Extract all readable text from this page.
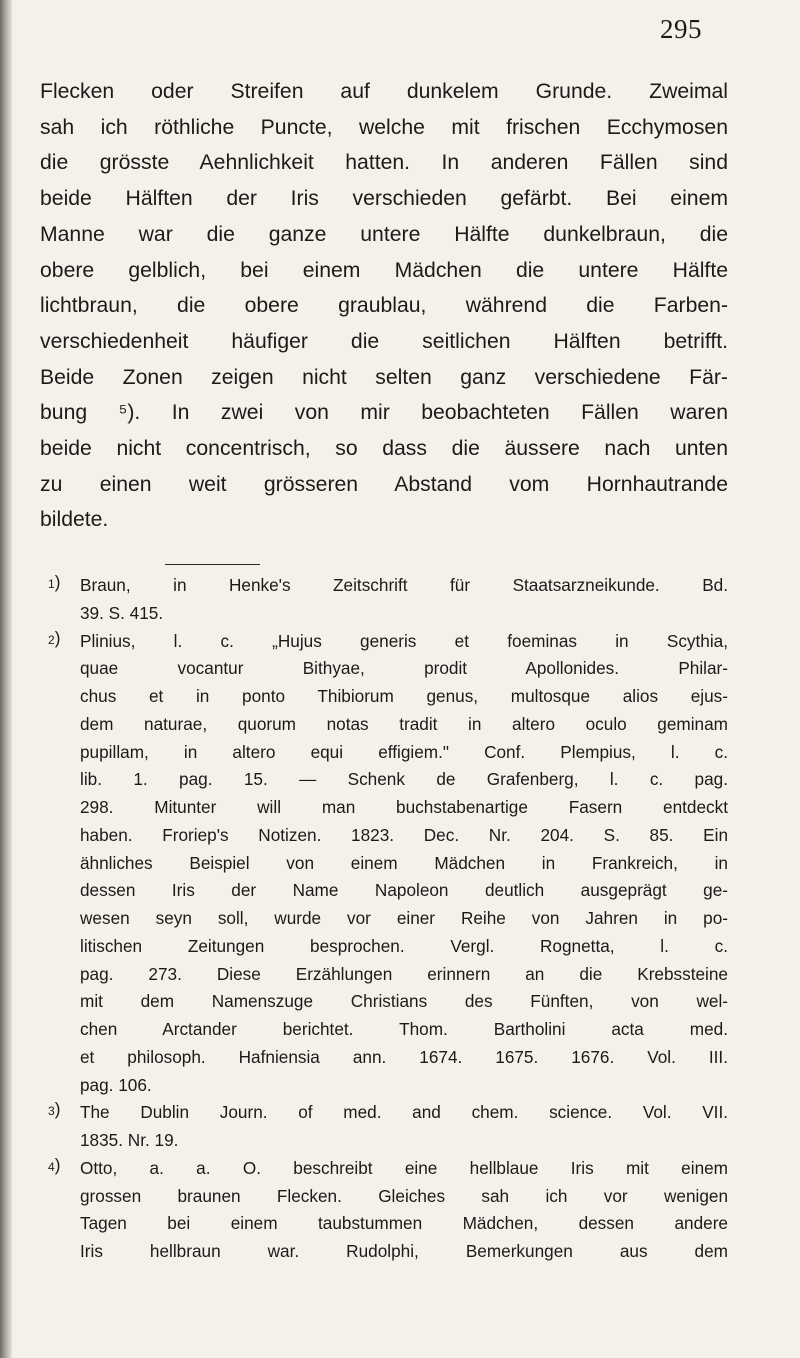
295
Flecken oder Streifen auf dunkelem Grunde. Zweimal
sah ich röthliche Puncte, welche mit frischen Ecchymosen
die grösste Aehnlichkeit hatten. In anderen Fällen sind
beide Hälften der Iris verschieden gefärbt. Bei einem
Manne war die ganze untere Hälfte dunkelbraun, die
obere gelblich, bei einem Mädchen die untere Hälfte
lichtbraun, die obere graublau, während die Farben-
verschiedenheit häufiger die seitlichen Hälften betrifft.
Beide Zonen zeigen nicht selten ganz verschiedene Fär-
bung ⁵). In zwei von mir beobachteten Fällen waren
beide nicht concentrisch, so dass die äussere nach unten
zu einen weit grösseren Abstand vom Hornhautrande
bildete.
1 )	Braun, in Henke's Zeitschrift für Staatsarzneikunde. Bd.
39. S. 415.
2 )	Plinius, l. c. „Hujus generis et foeminas in Scythia,
quae vocantur Bithyae, prodit Apollonides. Philar-
chus et in ponto Thibiorum genus, multosque alios ejus-
dem naturae, quorum notas tradit in altero oculo geminam
pupillam, in altero equi effigiem." Conf. Plempius, l. c.
lib. 1. pag. 15. — Schenk de Grafenberg, l. c. pag.
298. Mitunter will man buchstabenartige Fasern entdeckt
haben. Froriep's Notizen. 1823. Dec. Nr. 204. S. 85. Ein
ähnliches Beispiel von einem Mädchen in Frankreich, in
dessen Iris der Name Napoleon deutlich ausgeprägt ge-
wesen seyn soll, wurde vor einer Reihe von Jahren in po-
litischen Zeitungen besprochen. Vergl. Rognetta, l. c.
pag. 273. Diese Erzählungen erinnern an die Krebssteine
mit dem Namenszuge Christians des Fünften, von wel-
chen Arctander berichtet. Thom. Bartholini acta med.
et philosoph. Hafniensia ann. 1674. 1675. 1676. Vol. III.
pag. 106.
3 )	The Dublin Journ. of med. and chem. science. Vol. VII.
1835. Nr. 19.
4 )	Otto, a. a. O. beschreibt eine hellblaue Iris mit einem
grossen braunen Flecken. Gleiches sah ich vor wenigen
Tagen bei einem taubstummen Mädchen, dessen andere
Iris hellbraun war. Rudolphi, Bemerkungen aus dem
